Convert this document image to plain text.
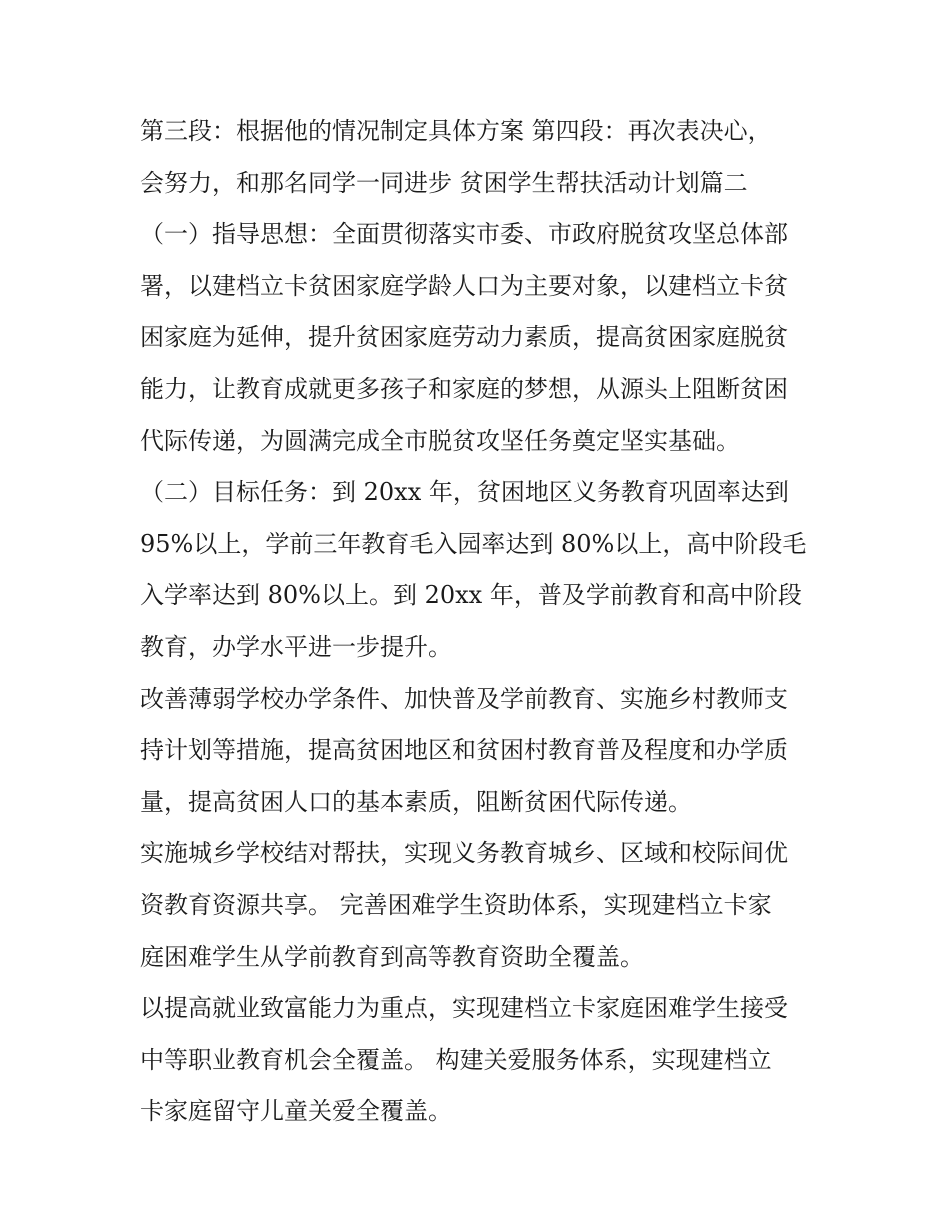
第三段：根据他的情况制定具体方案 第四段：再次表决心，
会努力，和那名同学一同进步 贫困学生帮扶活动计划篇二
（一）指导思想：全面贯彻落实市委、市政府脱贫攻坚总体部
署，以建档立卡贫困家庭学龄人口为主要对象，以建档立卡贫
困家庭为延伸，提升贫困家庭劳动力素质，提高贫困家庭脱贫
能力，让教育成就更多孩子和家庭的梦想，从源头上阻断贫困
代际传递，为圆满完成全市脱贫攻坚任务奠定坚实基础。
（二）目标任务：到 20xx 年，贫困地区义务教育巩固率达到
95%以上，学前三年教育毛入园率达到 80%以上，高中阶段毛
入学率达到 80%以上。到 20xx 年，普及学前教育和高中阶段
教育，办学水平进一步提升。
改善薄弱学校办学条件、加快普及学前教育、实施乡村教师支
持计划等措施，提高贫困地区和贫困村教育普及程度和办学质
量，提高贫困人口的基本素质，阻断贫困代际传递。
实施城乡学校结对帮扶，实现义务教育城乡、区域和校际间优
资教育资源共享。 完善困难学生资助体系，实现建档立卡家
庭困难学生从学前教育到高等教育资助全覆盖。
以提高就业致富能力为重点，实现建档立卡家庭困难学生接受
中等职业教育机会全覆盖。 构建关爱服务体系，实现建档立
卡家庭留守儿童关爱全覆盖。
